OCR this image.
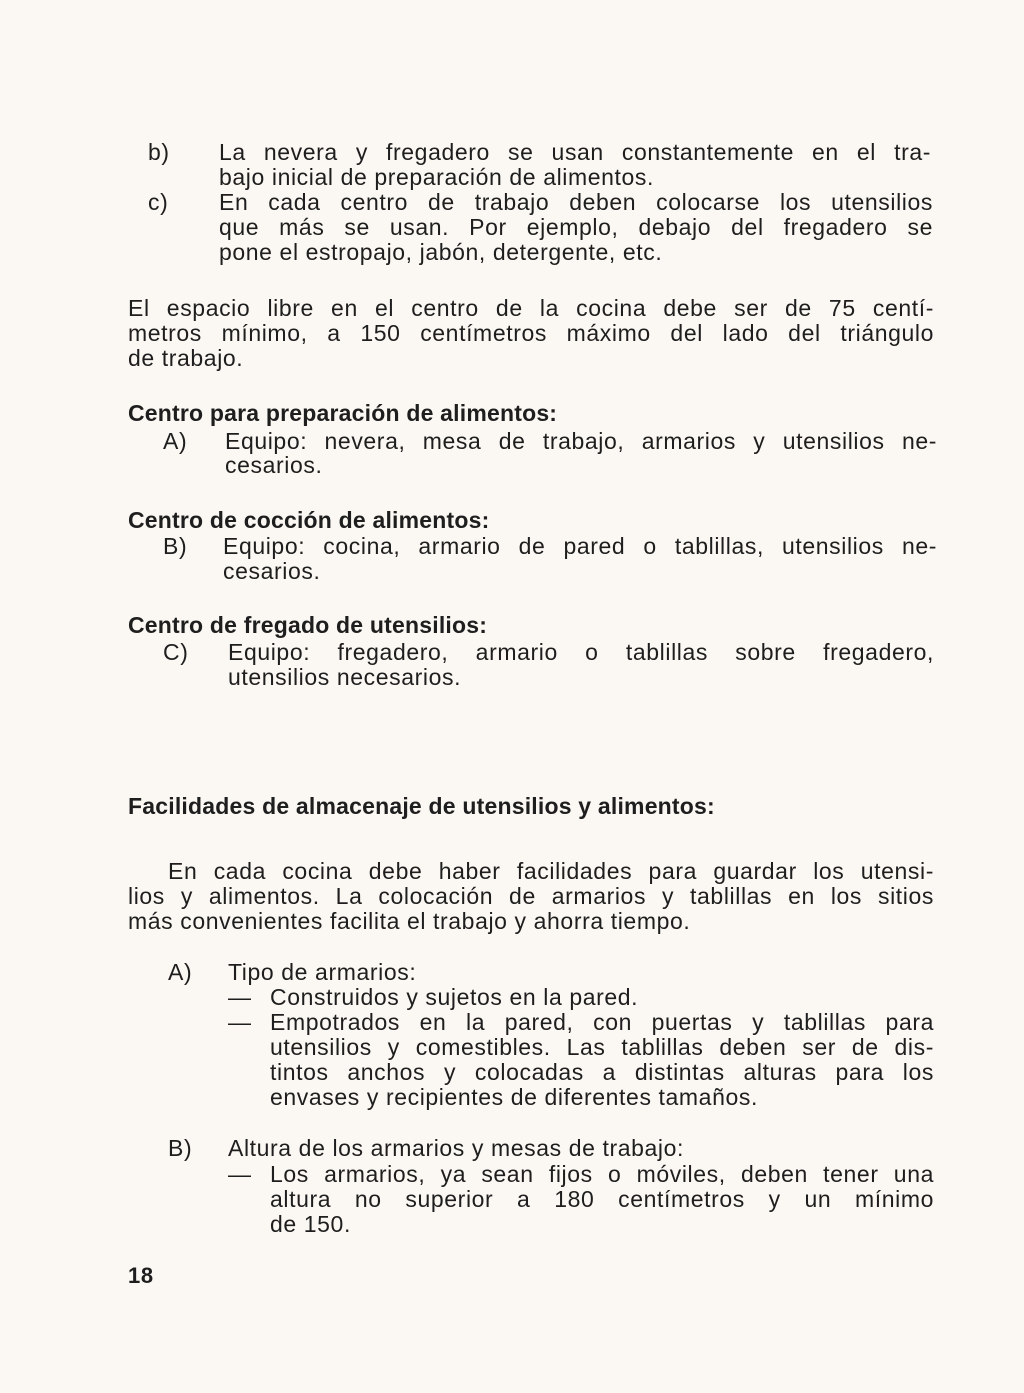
b) La nevera y fregadero se usan constantemente en el tra-
bajo inicial de preparación de alimentos.
c) En cada centro de trabajo deben colocarse los utensilios
que más se usan. Por ejemplo, debajo del fregadero se
pone el estropajo, jabón, detergente, etc.
El espacio libre en el centro de la cocina debe ser de 75 centí-
metros mínimo, a 150 centímetros máximo del lado del triángulo
de trabajo.
Centro para preparación de alimentos:
A) Equipo: nevera, mesa de trabajo, armarios y utensilios ne-
cesarios.
Centro de cocción de alimentos:
B) Equipo: cocina, armario de pared o tablillas, utensilios ne-
cesarios.
Centro de fregado de utensilios:
C) Equipo: fregadero, armario o tablillas sobre fregadero,
utensilios necesarios.
Facilidades de almacenaje de utensilios y alimentos:
En cada cocina debe haber facilidades para guardar los utensi-
lios y alimentos. La colocación de armarios y tablillas en los sitios
más convenientes facilita el trabajo y ahorra tiempo.
A) Tipo de armarios:
— Construidos y sujetos en la pared.
— Empotrados en la pared, con puertas y tablillas para
utensilios y comestibles. Las tablillas deben ser de dis-
tintos anchos y colocadas a distintas alturas para los
envases y recipientes de diferentes tamaños.
B) Altura de los armarios y mesas de trabajo:
— Los armarios, ya sean fijos o móviles, deben tener una
altura no superior a 180 centímetros y un mínimo
de 150.
18
